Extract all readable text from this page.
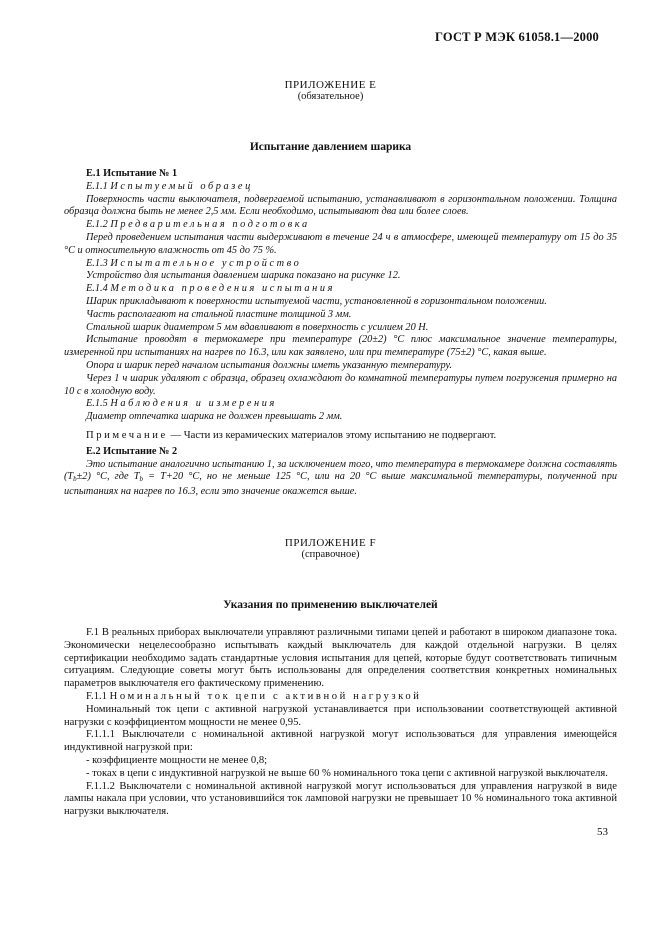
ГОСТ Р МЭК 61058.1—2000
ПРИЛОЖЕНИЕ Е
(обязательное)
Испытание давлением шарика

Е.1 Испытание № 1

Е.1.1 Испытуемый образец

Поверхность части выключателя, подвергаемой испытанию, устанавливают в горизонтальном положении. Толщина образца должна быть не менее 2,5 мм. Если необходимо, испытывают два или более слоев.

Е.1.2 Предварительная подготовка

Перед проведением испытания части выдерживают в течение 24 ч в атмосфере, имеющей температуру от 15 до 35 °С и относительную влажность от 45 до 75 %.

Е.1.3 Испытательное устройство

Устройство для испытания давлением шарика показано на рисунке 12.

Е.1.4 Методика проведения испытания

Шарик прикладывают к поверхности испытуемой части, установленной в горизонтальном положении.

Часть располагают на стальной пластине толщиной 3 мм.

Стальной шарик диаметром 5 мм вдавливают в поверхность с усилием 20 Н.

Испытание проводят в термокамере при температуре (20±2) °С плюс максимальное значение температуры, измеренной при испытаниях на нагрев по 16.3, или как заявлено, или при температуре (75±2) °С, какая выше.

Опора и шарик перед началом испытания должны иметь указанную температуру.

Через 1 ч шарик удаляют с образца, образец охлаждают до комнатной температуры путем погружения примерно на 10 с в холодную воду.

Е.1.5 Наблюдения и измерения

Диаметр отпечатка шарика не должен превышать 2 мм.

Примечание — Части из керамических материалов этому испытанию не подвергают.

Е.2 Испытание № 2

Это испытание аналогично испытанию 1, за исключением того, что температура в термокамере должна составлять $(T_b\pm 2)$ °С, где $T_b = T+20$ °С, но не меньше 125 °С, или на 20 °С выше максимальной температуры, полученной при испытаниях на нагрев по 16.3, если это значение окажется выше.

ПРИЛОЖЕНИЕ F
(справочное)
Указания по применению выключателей

F.1 В реальных приборах выключатели управляют различными типами цепей и работают в широком диапазоне тока. Экономически нецелесообразно испытывать каждый выключатель для каждой отдельной нагрузки. В целях сертификации необходимо задать стандартные условия испытания для цепей, которые будут соответствовать типичным ситуациям. Следующие советы могут быть использованы для определения соответствия конкретных номинальных параметров выключателя его фактическому применению.

F.1.1 Номинальный ток цепи с активной нагрузкой

Номинальный ток цепи с активной нагрузкой устанавливается при использовании соответствующей активной нагрузки с коэффициентом мощности не менее 0,95.

F.1.1.1 Выключатели с номинальной активной нагрузкой могут использоваться для управления имеющейся индуктивной нагрузкой при:

- коэффициенте мощности не менее 0,8;

- токах в цепи с индуктивной нагрузкой не выше 60 % номинального тока цепи с активной нагрузкой выключателя.

F.1.1.2 Выключатели с номинальной активной нагрузкой могут использоваться для управления нагрузкой в виде лампы накала при условии, что установившийся ток ламповой нагрузки не превышает 10 % номинального тока активной нагрузки выключателя.

53
